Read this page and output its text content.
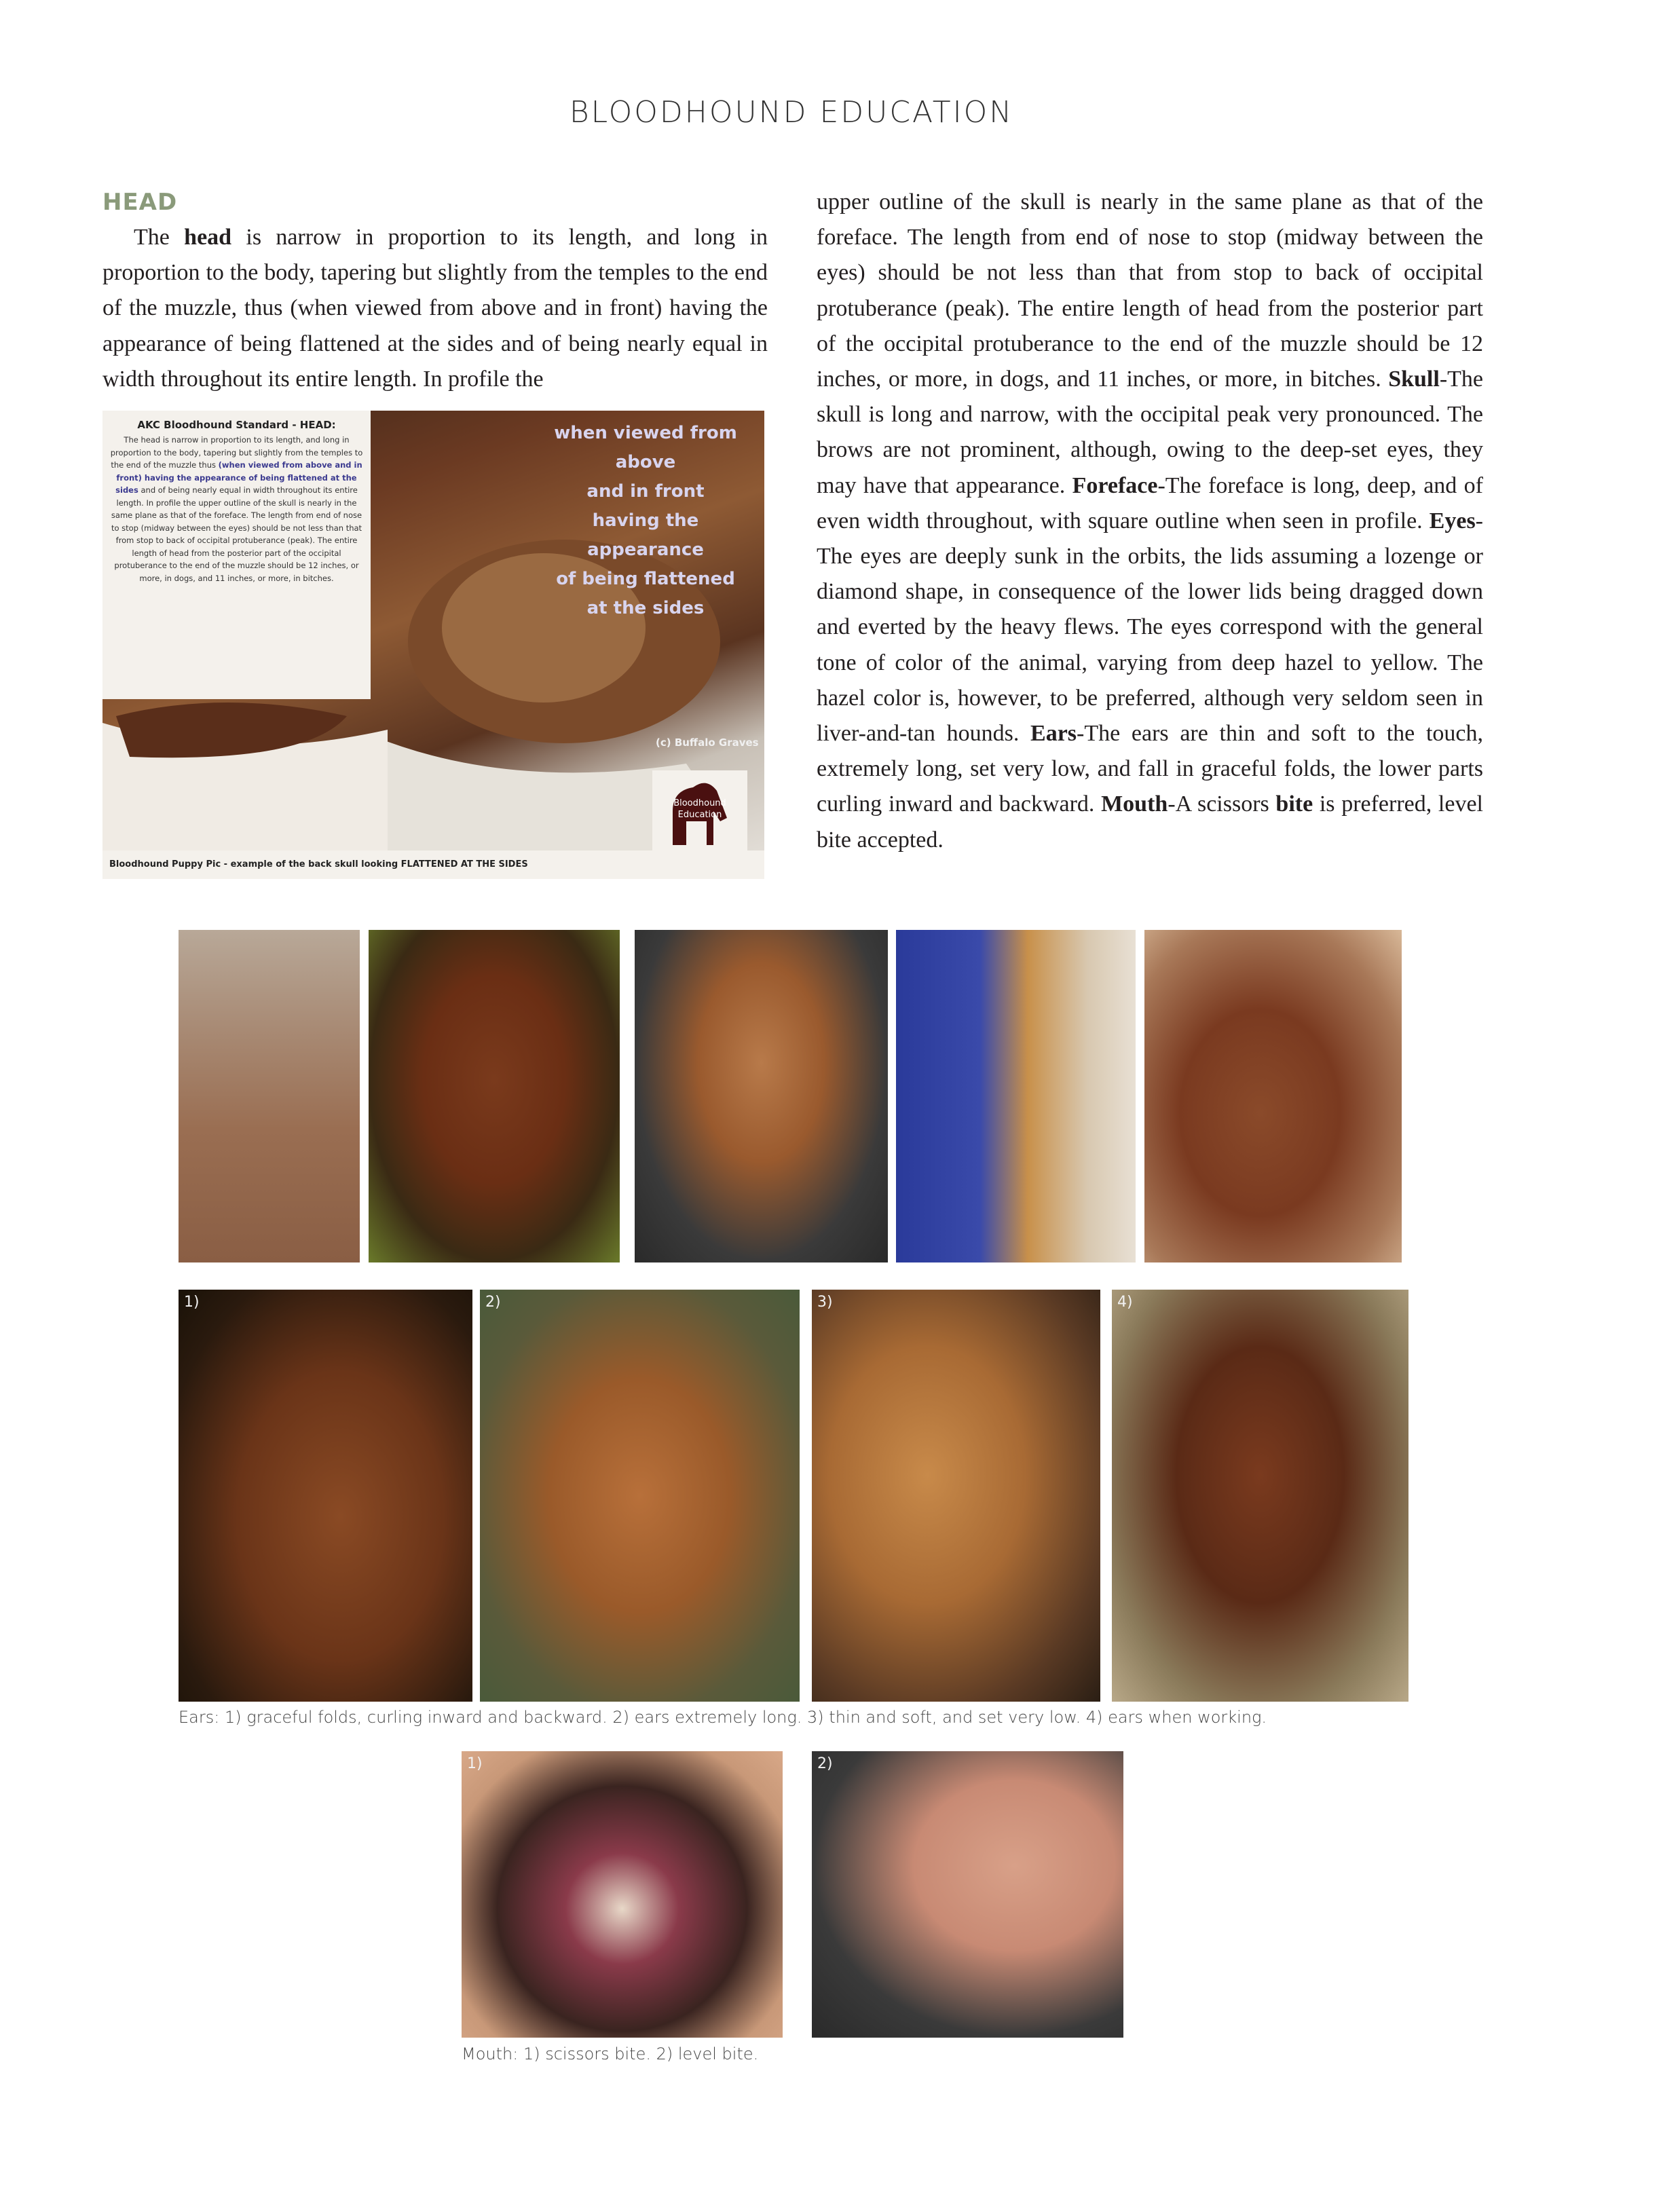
BLOODHOUND EDUCATION
HEAD

The head is narrow in proportion to its length, and long in proportion to the body, tapering but slightly from the temples to the end of the muzzle, thus (when viewed from above and in front) having the appearance of being flattened at the sides and of being nearly equal in width throughout its entire length. In profile the

AKC Bloodhound Standard - HEAD:
The head is narrow in proportion to its length, and long in proportion to the body, tapering but slightly from the temples to the end of the muzzle thus (when viewed from above and in front) having the appearance of being flattened at the sides and of being nearly equal in width throughout its entire length. In profile the upper outline of the skull is nearly in the same plane as that of the foreface. The length from end of nose to stop (midway between the eyes) should be not less than that from stop to back of occipital protuberance (peak). The entire length of head from the posterior part of the occipital protuberance to the end of the muzzle should be 12 inches, or more, in dogs, and 11 inches, or more, in bitches.
when viewed from above
and in front
having the appearance
of being flattened
at the sides
(c) Buffalo Graves
Bloodhound Education
Bloodhound Puppy Pic - example of the back skull looking FLATTENED AT THE SIDES

upper outline of the skull is nearly in the same plane as that of the foreface. The length from end of nose to stop (midway between the eyes) should be not less than that from stop to back of occipital protuberance (peak). The entire length of head from the posterior part of the occipital protuberance to the end of the muzzle should be 12 inches, or more, in dogs, and 11 inches, or more, in bitches. Skull-The skull is long and narrow, with the occipital peak very pronounced. The brows are not prominent, although, owing to the deep-set eyes, they may have that appearance. Foreface-The foreface is long, deep, and of even width throughout, with square outline when seen in profile. Eyes-The eyes are deeply sunk in the orbits, the lids assuming a lozenge or diamond shape, in consequence of the lower lids being dragged down and everted by the heavy flews. The eyes correspond with the general tone of color of the animal, varying from deep hazel to yellow. The hazel color is, however, to be preferred, although very seldom seen in liver-and-tan hounds. Ears-The ears are thin and soft to the touch, extremely long, set very low, and fall in graceful folds, the lower parts curling inward and backward. Mouth-A scissors bite is preferred, level bite accepted.

1)	2)	3)	4)
Ears: 1) graceful folds, curling inward and backward. 2) ears extremely long. 3) thin and soft, and set very low. 4) ears when working.
1)	2)
Mouth: 1) scissors bite. 2) level bite.
